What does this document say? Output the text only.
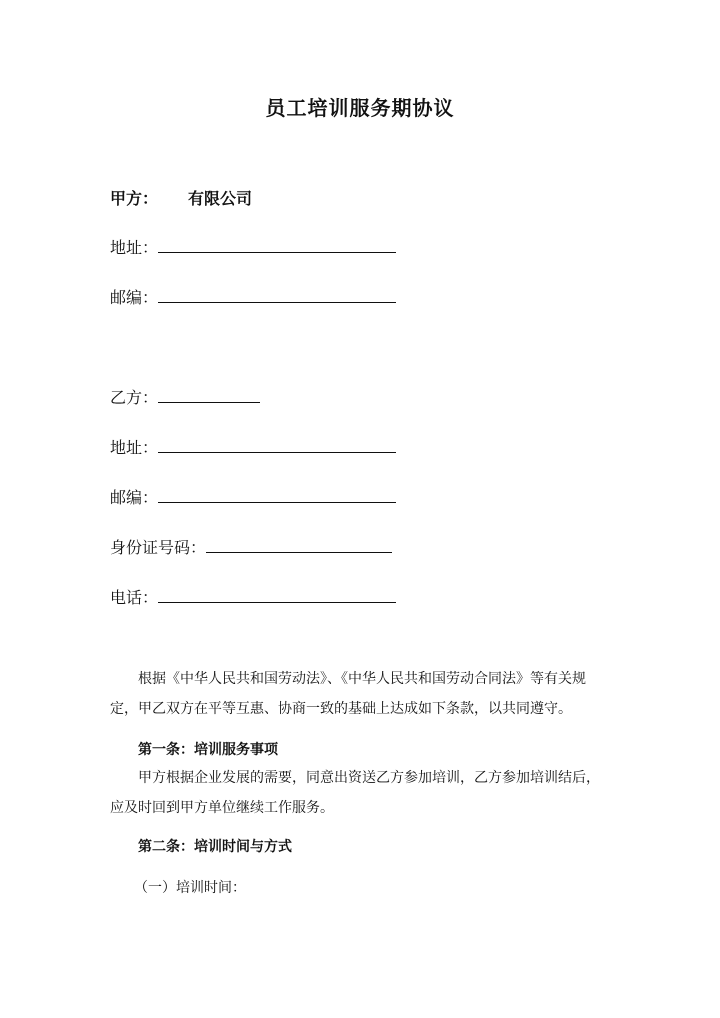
员工培训服务期协议
甲方： 有限公司
地址：
邮编：
乙方：
地址：
邮编：
身份证号码：
电话：
根据《中华人民共和国劳动法》、《中华人民共和国劳动合同法》等有关规定，甲乙双方在平等互惠、协商一致的基础上达成如下条款，以共同遵守。
第一条：培训服务事项
甲方根据企业发展的需要，同意出资送乙方参加培训，乙方参加培训结后，应及时回到甲方单位继续工作服务。
第二条：培训时间与方式
（一）培训时间：
